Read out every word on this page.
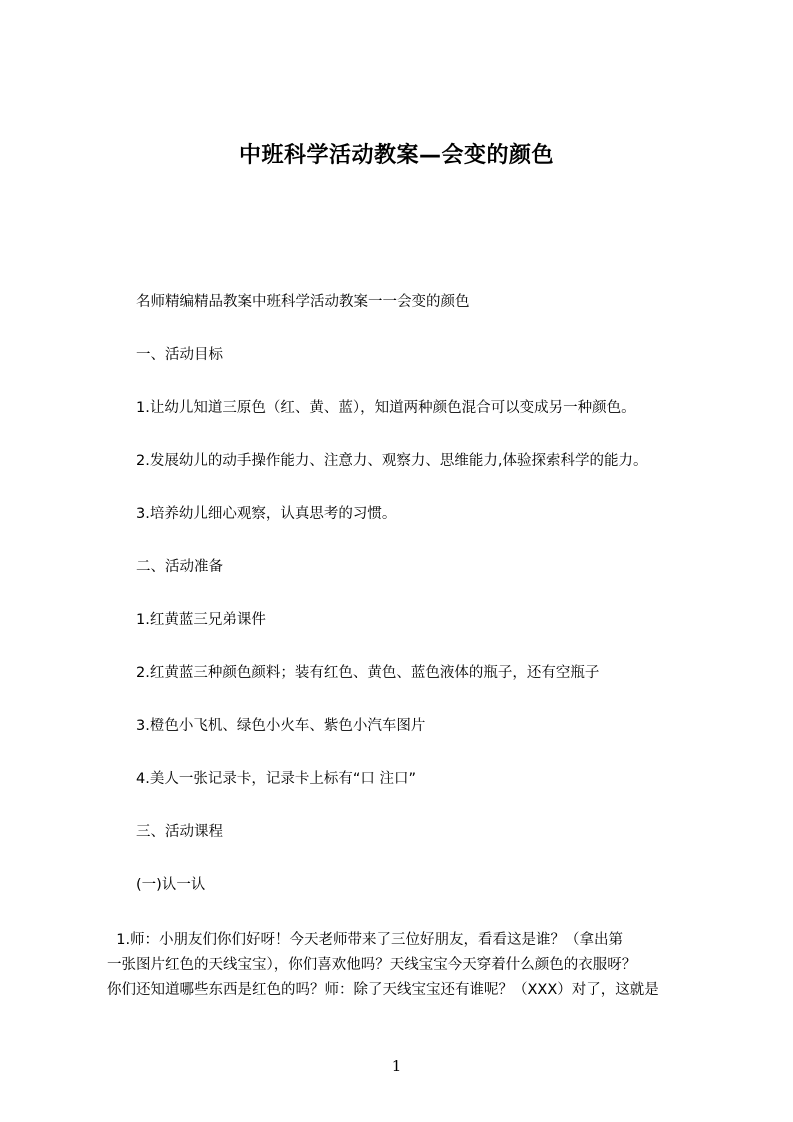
中班科学活动教案—会变的颜色
名师精编精品教案中班科学活动教案一一会变的颜色
一、活动目标
1.让幼儿知道三原色（红、黄、蓝），知道两种颜色混合可以变成另一种颜色。
2.发展幼儿的动手操作能力、注意力、观察力、思维能力,体验探索科学的能力。
3.培养幼儿细心观察，认真思考的习惯。
二、活动准备
1.红黄蓝三兄弟课件
2.红黄蓝三种颜色颜料；装有红色、黄色、蓝色液体的瓶子，还有空瓶子
3.橙色小飞机、绿色小火车、紫色小汽车图片
4.美人一张记录卡，记录卡上标有“口 注口”
三、活动课程
(一)认一认
1.师：小朋友们你们好呀！今天老师带来了三位好朋友，看看这是谁？（拿出第
一张图片红色的天线宝宝），你们喜欢他吗？天线宝宝今天穿着什么颜色的衣服呀？
你们还知道哪些东西是红色的吗？师：除了天线宝宝还有谁呢？（XXX）对了，这就是
1
